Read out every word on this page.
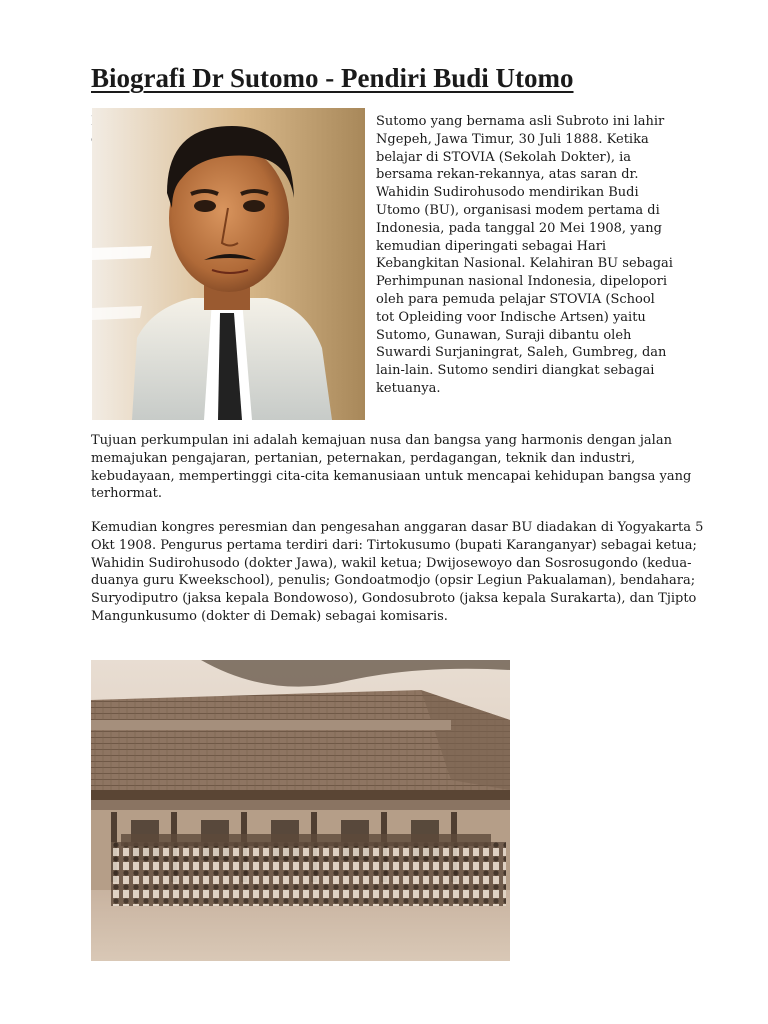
Biografi Dr Sutomo - Pendiri Budi Utomo

Sutomo yang bernama asli Subroto ini lahir Ngepeh, Jawa Timur, 30 Juli 1888. Ketika belajar di STOVIA (Sekolah Dokter), ia bersama rekan-rekannya, atas saran dr. Wahidin Sudirohusodo mendirikan Budi Utomo (BU), organisasi modem pertama di Indonesia, pada tanggal 20 Mei 1908, yang kemudian diperingati sebagai Hari Kebangkitan Nasional. Kelahiran BU sebagai Perhimpunan nasional Indonesia, dipelopori oleh para pemuda pelajar STOVIA (School tot Opleiding voor Indische Artsen) yaitu Sutomo, Gunawan, Suraji dibantu oleh Suwardi Surjaningrat, Saleh, Gumbreg, dan lain-lain. Sutomo sendiri diangkat sebagai ketuanya.

Tujuan perkumpulan ini adalah kemajuan nusa dan bangsa yang harmonis dengan jalan memajukan pengajaran, pertanian, peternakan, perdagangan, teknik dan industri, kebudayaan, mempertinggi cita-cita kemanusiaan untuk mencapai kehidupan bangsa yang terhormat.

Kemudian kongres peresmian dan pengesahan anggaran dasar BU diadakan di Yogyakarta 5 Okt 1908. Pengurus pertama terdiri dari: Tirtokusumo (bupati Karanganyar) sebagai ketua; Wahidin Sudirohusodo (dokter Jawa), wakil ketua; Dwijosewoyo dan Sosrosugondo (kedua-duanya guru Kweekschool), penulis; Gondoatmodjo (opsir Legiun Pakualaman), bendahara; Suryodiputro (jaksa kepala Bondowoso), Gondosubroto (jaksa kepala Surakarta), dan Tjipto Mangunkusumo (dokter di Demak) sebagai komisaris.
